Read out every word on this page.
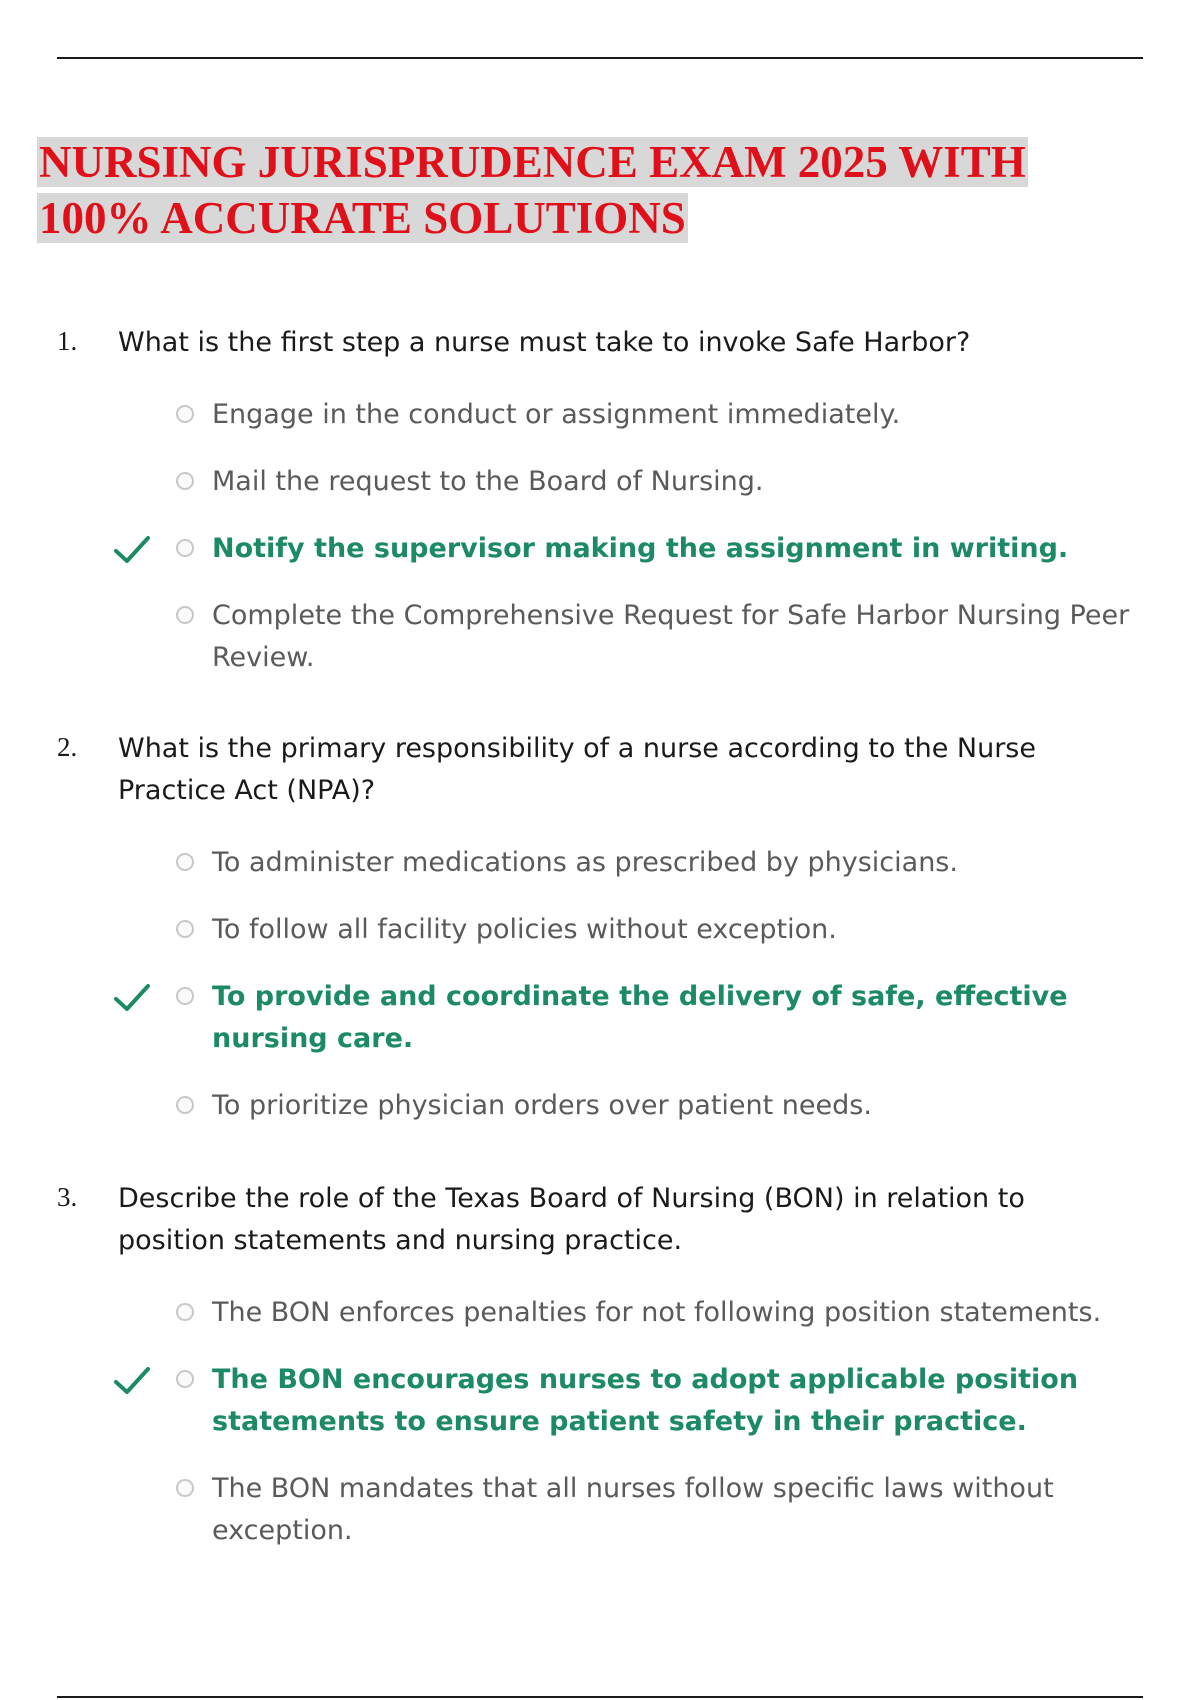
NURSING JURISPRUDENCE EXAM 2025 WITH
100% ACCURATE SOLUTIONS
1. What is the first step a nurse must take to invoke Safe Harbor?
Engage in the conduct or assignment immediately.
Mail the request to the Board of Nursing.
Notify the supervisor making the assignment in writing.
Complete the Comprehensive Request for Safe Harbor Nursing Peer Review.
2. What is the primary responsibility of a nurse according to the Nurse Practice Act (NPA)?
To administer medications as prescribed by physicians.
To follow all facility policies without exception.
To provide and coordinate the delivery of safe, effective nursing care.
To prioritize physician orders over patient needs.
3. Describe the role of the Texas Board of Nursing (BON) in relation to position statements and nursing practice.
The BON enforces penalties for not following position statements.
The BON encourages nurses to adopt applicable position statements to ensure patient safety in their practice.
The BON mandates that all nurses follow specific laws without exception.
